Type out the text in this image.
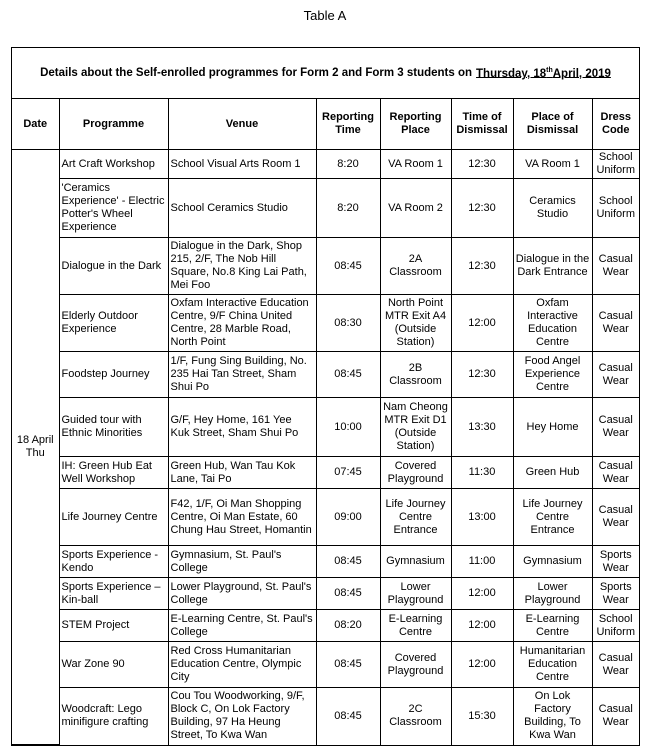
Table A
Details about the Self-enrolled programmes for Form 2 and Form 3 students on Thursday, 18thApril, 2019
Date	Programme	Venue	Reporting Time	Reporting Place	Time of Dismissal	Place of Dismissal	Dress Code
18 April Thu	Art Craft Workshop	School Visual Arts Room 1	8:20	VA Room 1	12:30	VA Room 1	School Uniform
	'Ceramics Experience' - Electric Potter's Wheel Experience	School Ceramics Studio	8:20	VA Room 2	12:30	Ceramics Studio	School Uniform
	Dialogue in the Dark	Dialogue in the Dark, Shop 215, 2/F, The Nob Hill Square, No.8 King Lai Path, Mei Foo	08:45	2A Classroom	12:30	Dialogue in the Dark Entrance	Casual Wear
	Elderly Outdoor Experience	Oxfam Interactive Education Centre, 9/F China United Centre, 28 Marble Road, North Point	08:30	North Point MTR Exit A4 (Outside Station)	12:00	Oxfam Interactive Education Centre	Casual Wear
	Foodstep Journey	1/F, Fung Sing Building, No. 235 Hai Tan Street, Sham Shui Po	08:45	2B Classroom	12:30	Food Angel Experience Centre	Casual Wear
	Guided tour with Ethnic Minorities	G/F, Hey Home, 161 Yee Kuk Street, Sham Shui Po	10:00	Nam Cheong MTR Exit D1 (Outside Station)	13:30	Hey Home	Casual Wear
	IH: Green Hub Eat Well Workshop	Green Hub, Wan Tau Kok Lane, Tai Po	07:45	Covered Playground	11:30	Green Hub	Casual Wear
	Life Journey Centre	F42, 1/F, Oi Man Shopping Centre, Oi Man Estate, 60 Chung Hau Street, Homantin	09:00	Life Journey Centre Entrance	13:00	Life Journey Centre Entrance	Casual Wear
	Sports Experience - Kendo	Gymnasium, St. Paul's College	08:45	Gymnasium	11:00	Gymnasium	Sports Wear
	Sports Experience – Kin-ball	Lower Playground, St. Paul's College	08:45	Lower Playground	12:00	Lower Playground	Sports Wear
	STEM Project	E-Learning Centre, St. Paul's College	08:20	E-Learning Centre	12:00	E-Learning Centre	School Uniform
	War Zone 90	Red Cross Humanitarian Education Centre, Olympic City	08:45	Covered Playground	12:00	Humanitarian Education Centre	Casual Wear
	Woodcraft: Lego minifigure crafting	Cou Tou Woodworking, 9/F, Block C, On Lok Factory Building, 97 Ha Heung Street, To Kwa Wan	08:45	2C Classroom	15:30	On Lok Factory Building, To Kwa Wan	Casual Wear
